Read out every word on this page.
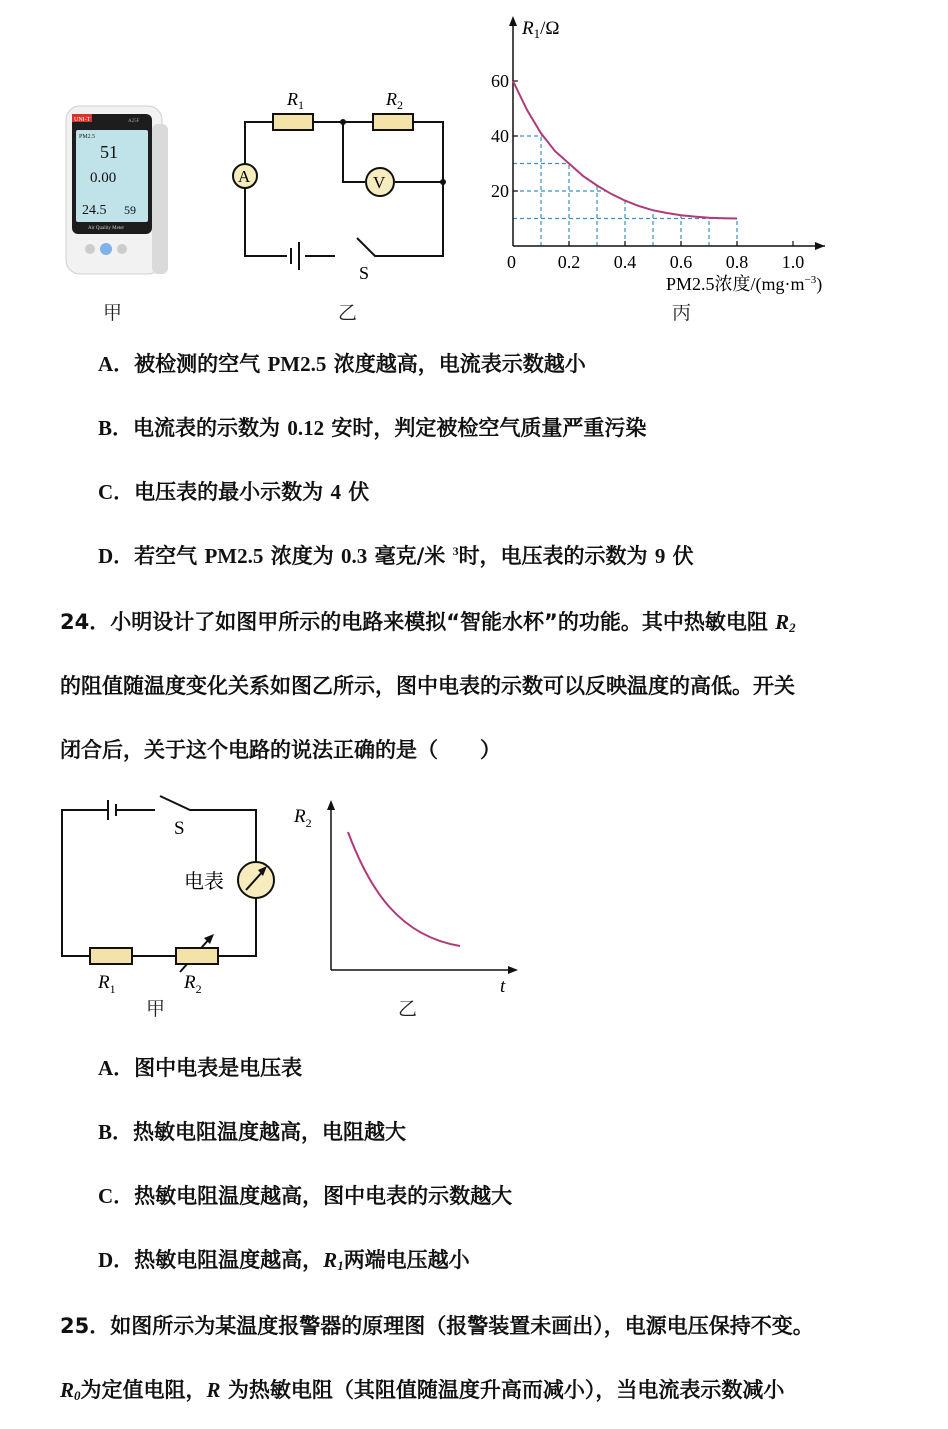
UNI-T	A25F
PM2.5
51
0.00
24.5 59
Air Quality Meter
甲
A	V
$R_1$	$R_2$
S
乙
0 0.2 0.4 0.6 0.8 1.0
20
40
60
$R_1/\Omega$
PM2.5浓度$/(mg\cdot m^{-3})$
丙
A．被检测的空气 PM2.5 浓度越高，电流表示数越小
B．电流表的示数为 0.12 安时，判定被检空气质量严重污染
C．电压表的最小示数为 4 伏
D．若空气 PM2.5 浓度为 0.3 毫克/米 $^3$时，电压表的示数为 9 伏
24．小明设计了如图甲所示的电路来模拟“智能水杯”的功能。其中热敏电阻 $R_2$
的阻值随温度变化关系如图乙所示，图中电表的示数可以反映温度的高低。开关
闭合后，关于这个电路的说法正确的是（　　）
S
电表
$R_1$	$R_2$
甲
$R_2$
t
乙
A．图中电表是电压表
B．热敏电阻温度越高，电阻越大
C．热敏电阻温度越高，图中电表的示数越大
D．热敏电阻温度越高，$R_1$两端电压越小
25．如图所示为某温度报警器的原理图（报警装置未画出），电源电压保持不变。
$R_0$为定值电阻，R 为热敏电阻（其阻值随温度升高而减小），当电流表示数减小
